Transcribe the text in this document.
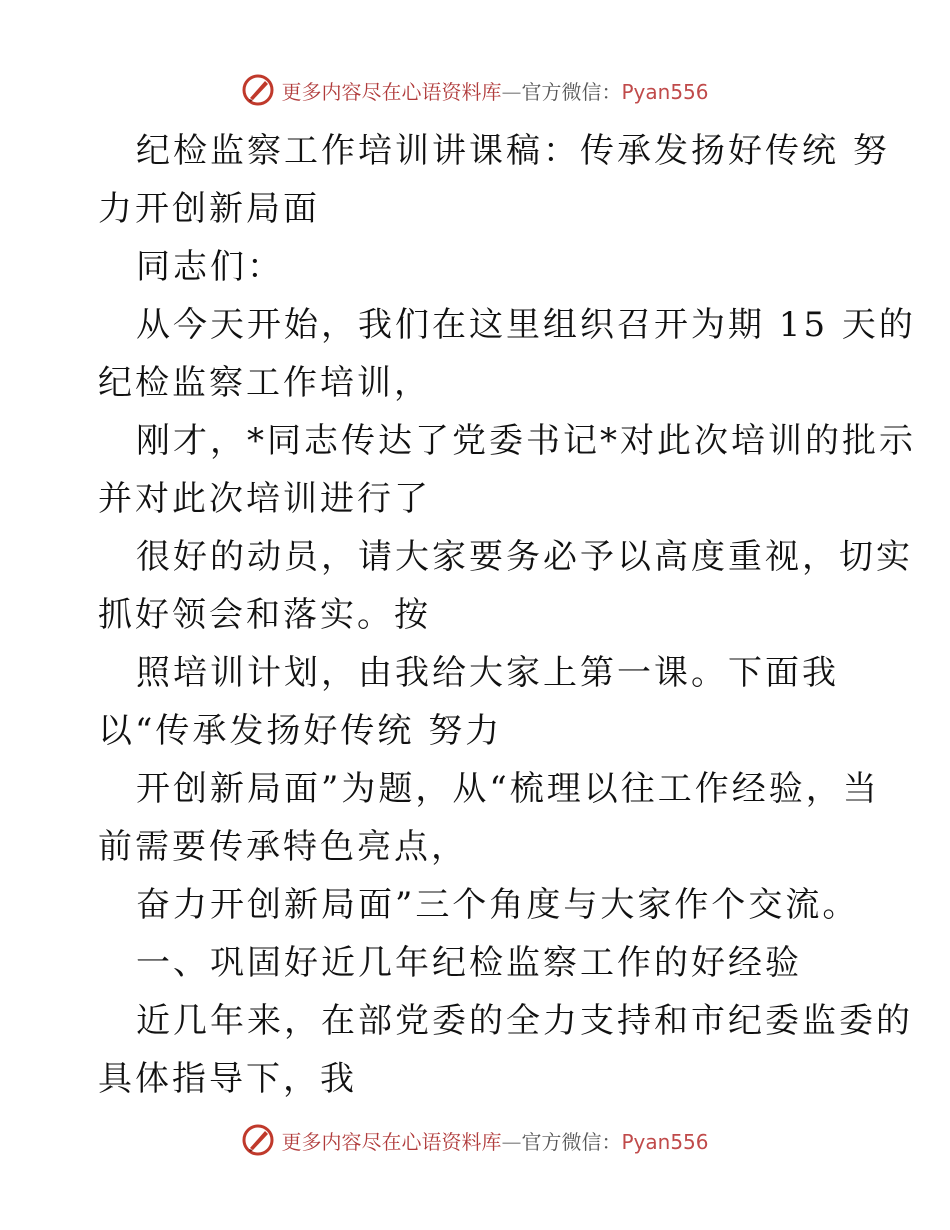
更多内容尽在心语资料库—官方微信：Pyan556
纪检监察工作培训讲课稿：传承发扬好传统 努
力开创新局面
同志们：
从今天开始，我们在这里组织召开为期 15 天的
纪检监察工作培训，
刚才，*同志传达了党委书记*对此次培训的批示
并对此次培训进行了
很好的动员，请大家要务必予以高度重视，切实
抓好领会和落实。按
照培训计划，由我给大家上第一课。下面我
以“传承发扬好传统 努力
开创新局面”为题，从“梳理以往工作经验，当
前需要传承特色亮点，
奋力开创新局面”三个角度与大家作个交流。
一、巩固好近几年纪检监察工作的好经验
近几年来，在部党委的全力支持和市纪委监委的
具体指导下，我
更多内容尽在心语资料库—官方微信：Pyan556
